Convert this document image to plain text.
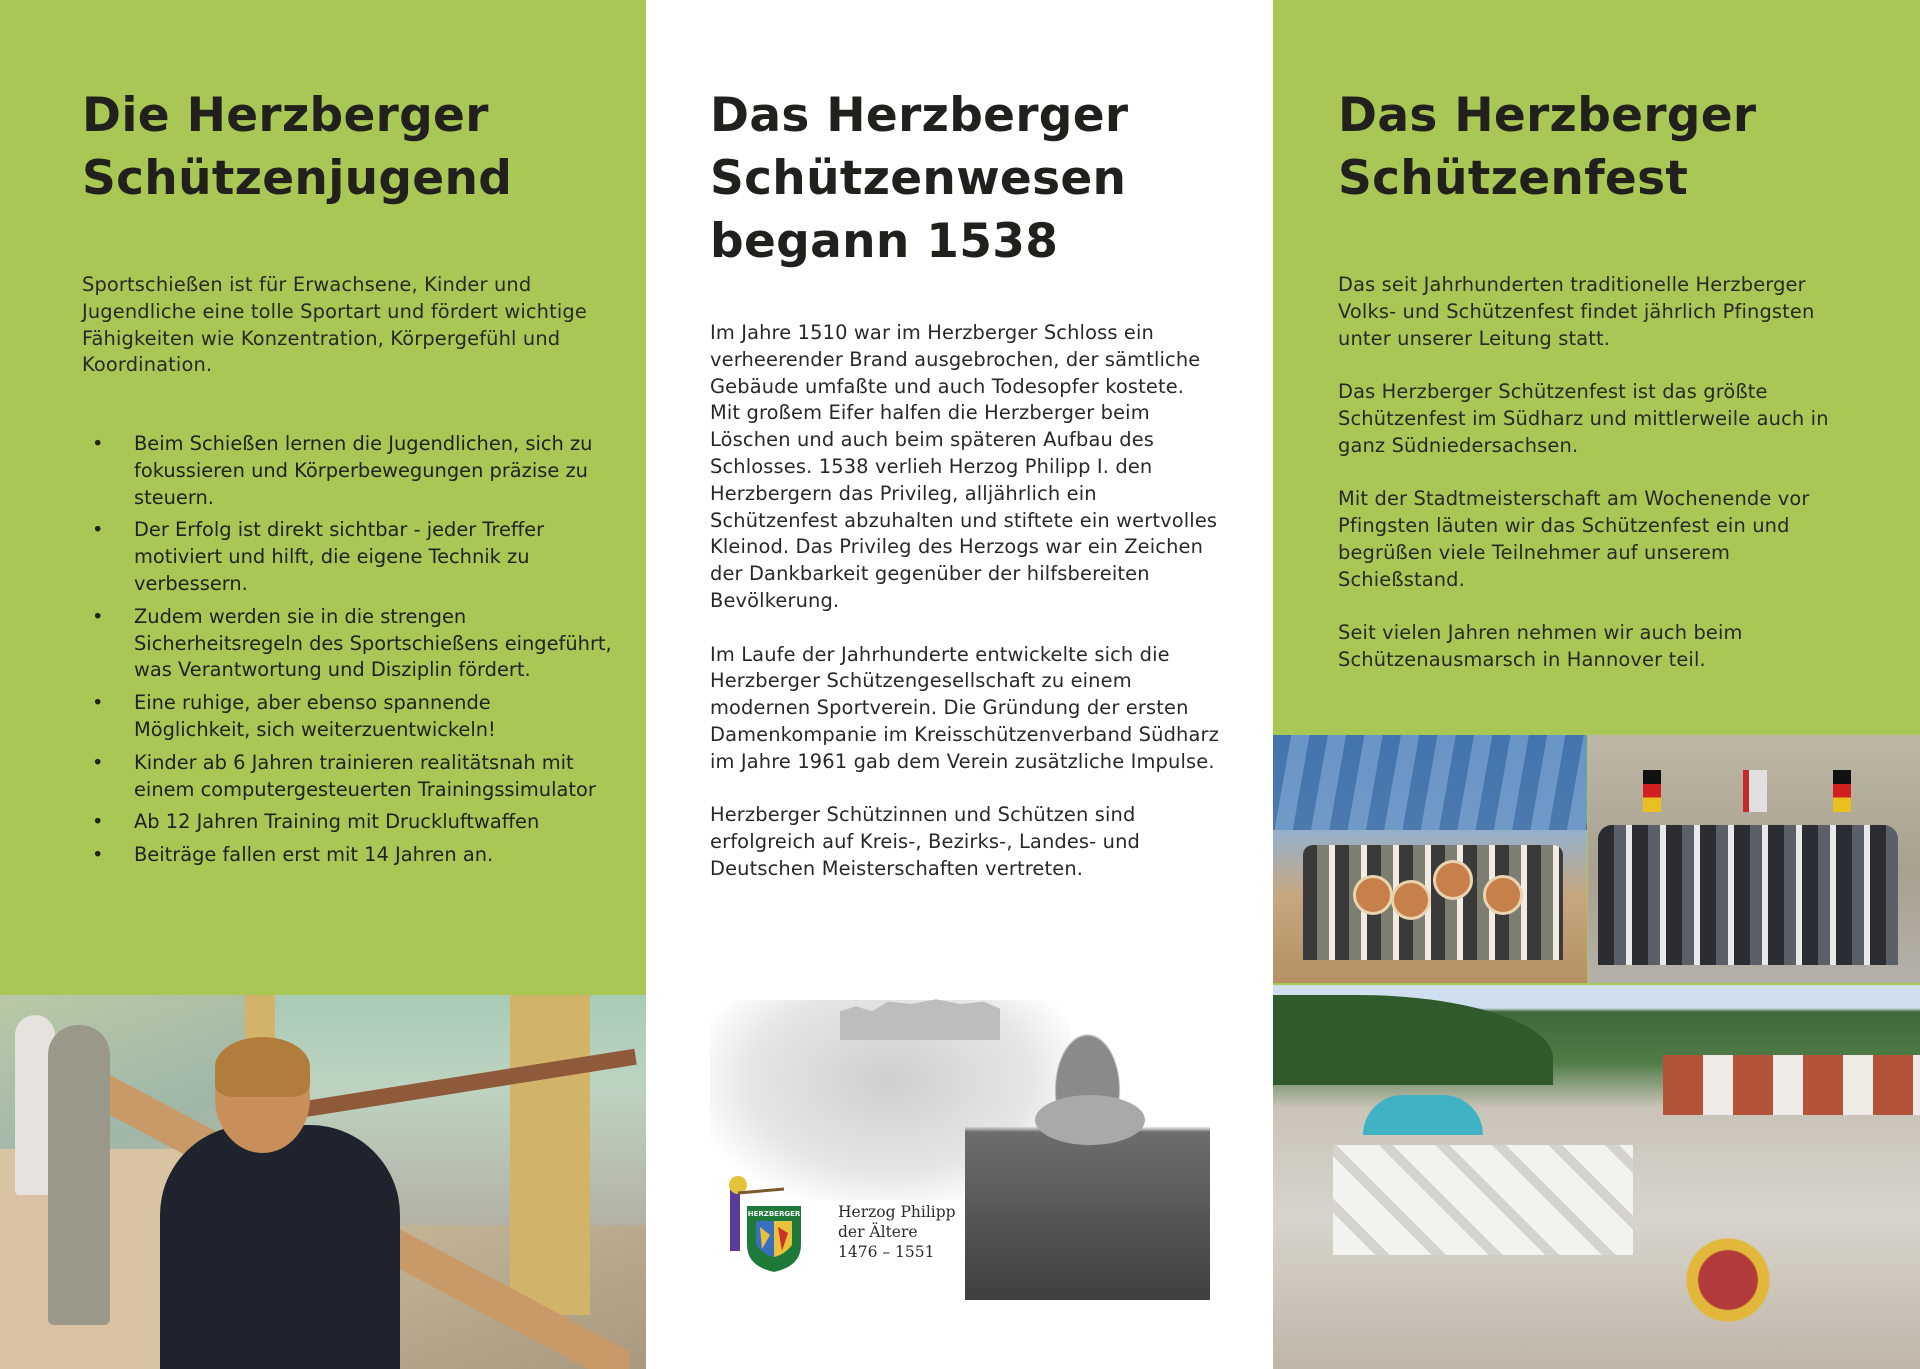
Die Herzberger
Schützenjugend

Sportschießen ist für Erwachsene, Kinder und Jugendliche eine tolle Sportart und fördert wichtige Fähigkeiten wie Konzentration, Körpergefühl und Koordination.

• Beim Schießen lernen die Jugendlichen, sich zu fokussieren und Körperbewegungen präzise zu steuern.
• Der Erfolg ist direkt sichtbar - jeder Treffer motiviert und hilft, die eigene Technik zu verbessern.
• Zudem werden sie in die strengen Sicherheitsregeln des Sportschießens eingeführt, was Verantwortung und Disziplin fördert.
• Eine ruhige, aber ebenso spannende Möglichkeit, sich weiterzuentwickeln!
• Kinder ab 6 Jahren trainieren realitätsnah mit einem computergesteuerten Trainingssimulator
• Ab 12 Jahren Training mit Druckluftwaffen
• Beiträge fallen erst mit 14 Jahren an.
Das Herzberger
Schützenwesen
begann 1538

Im Jahre 1510 war im Herzberger Schloss ein verheerender Brand ausgebrochen, der sämtliche Gebäude umfaßte und auch Todesopfer kostete. Mit großem Eifer halfen die Herzberger beim Löschen und auch beim späteren Aufbau des Schlosses. 1538 verlieh Herzog Philipp I. den Herzbergern das Privileg, alljährlich ein Schützenfest abzuhalten und stiftete ein wertvolles Kleinod. Das Privileg des Herzogs war ein Zeichen der Dankbarkeit gegenüber der hilfsbereiten Bevölkerung.

Im Laufe der Jahrhunderte entwickelte sich die Herzberger Schützengesellschaft zu einem modernen Sportverein. Die Gründung der ersten Damenkompanie im Kreisschützenverband Südharz im Jahre 1961 gab dem Verein zusätzliche Impulse.

Herzberger Schützinnen und Schützen sind erfolgreich auf Kreis-, Bezirks-, Landes- und Deutschen Meisterschaften vertreten.

HERZBERGER Herzog Philipp
der Ältere
1476 – 1551
Das Herzberger
Schützenfest

Das seit Jahrhunderten traditionelle Herzberger Volks- und Schützenfest findet jährlich Pfingsten unter unserer Leitung statt.

Das Herzberger Schützenfest ist das größte Schützenfest im Südharz und mittlerweile auch in ganz Südniedersachsen.

Mit der Stadtmeisterschaft am Wochenende vor Pfingsten läuten wir das Schützenfest ein und begrüßen viele Teilnehmer auf unserem Schießstand.

Seit vielen Jahren nehmen wir auch beim Schützenausmarsch in Hannover teil.
